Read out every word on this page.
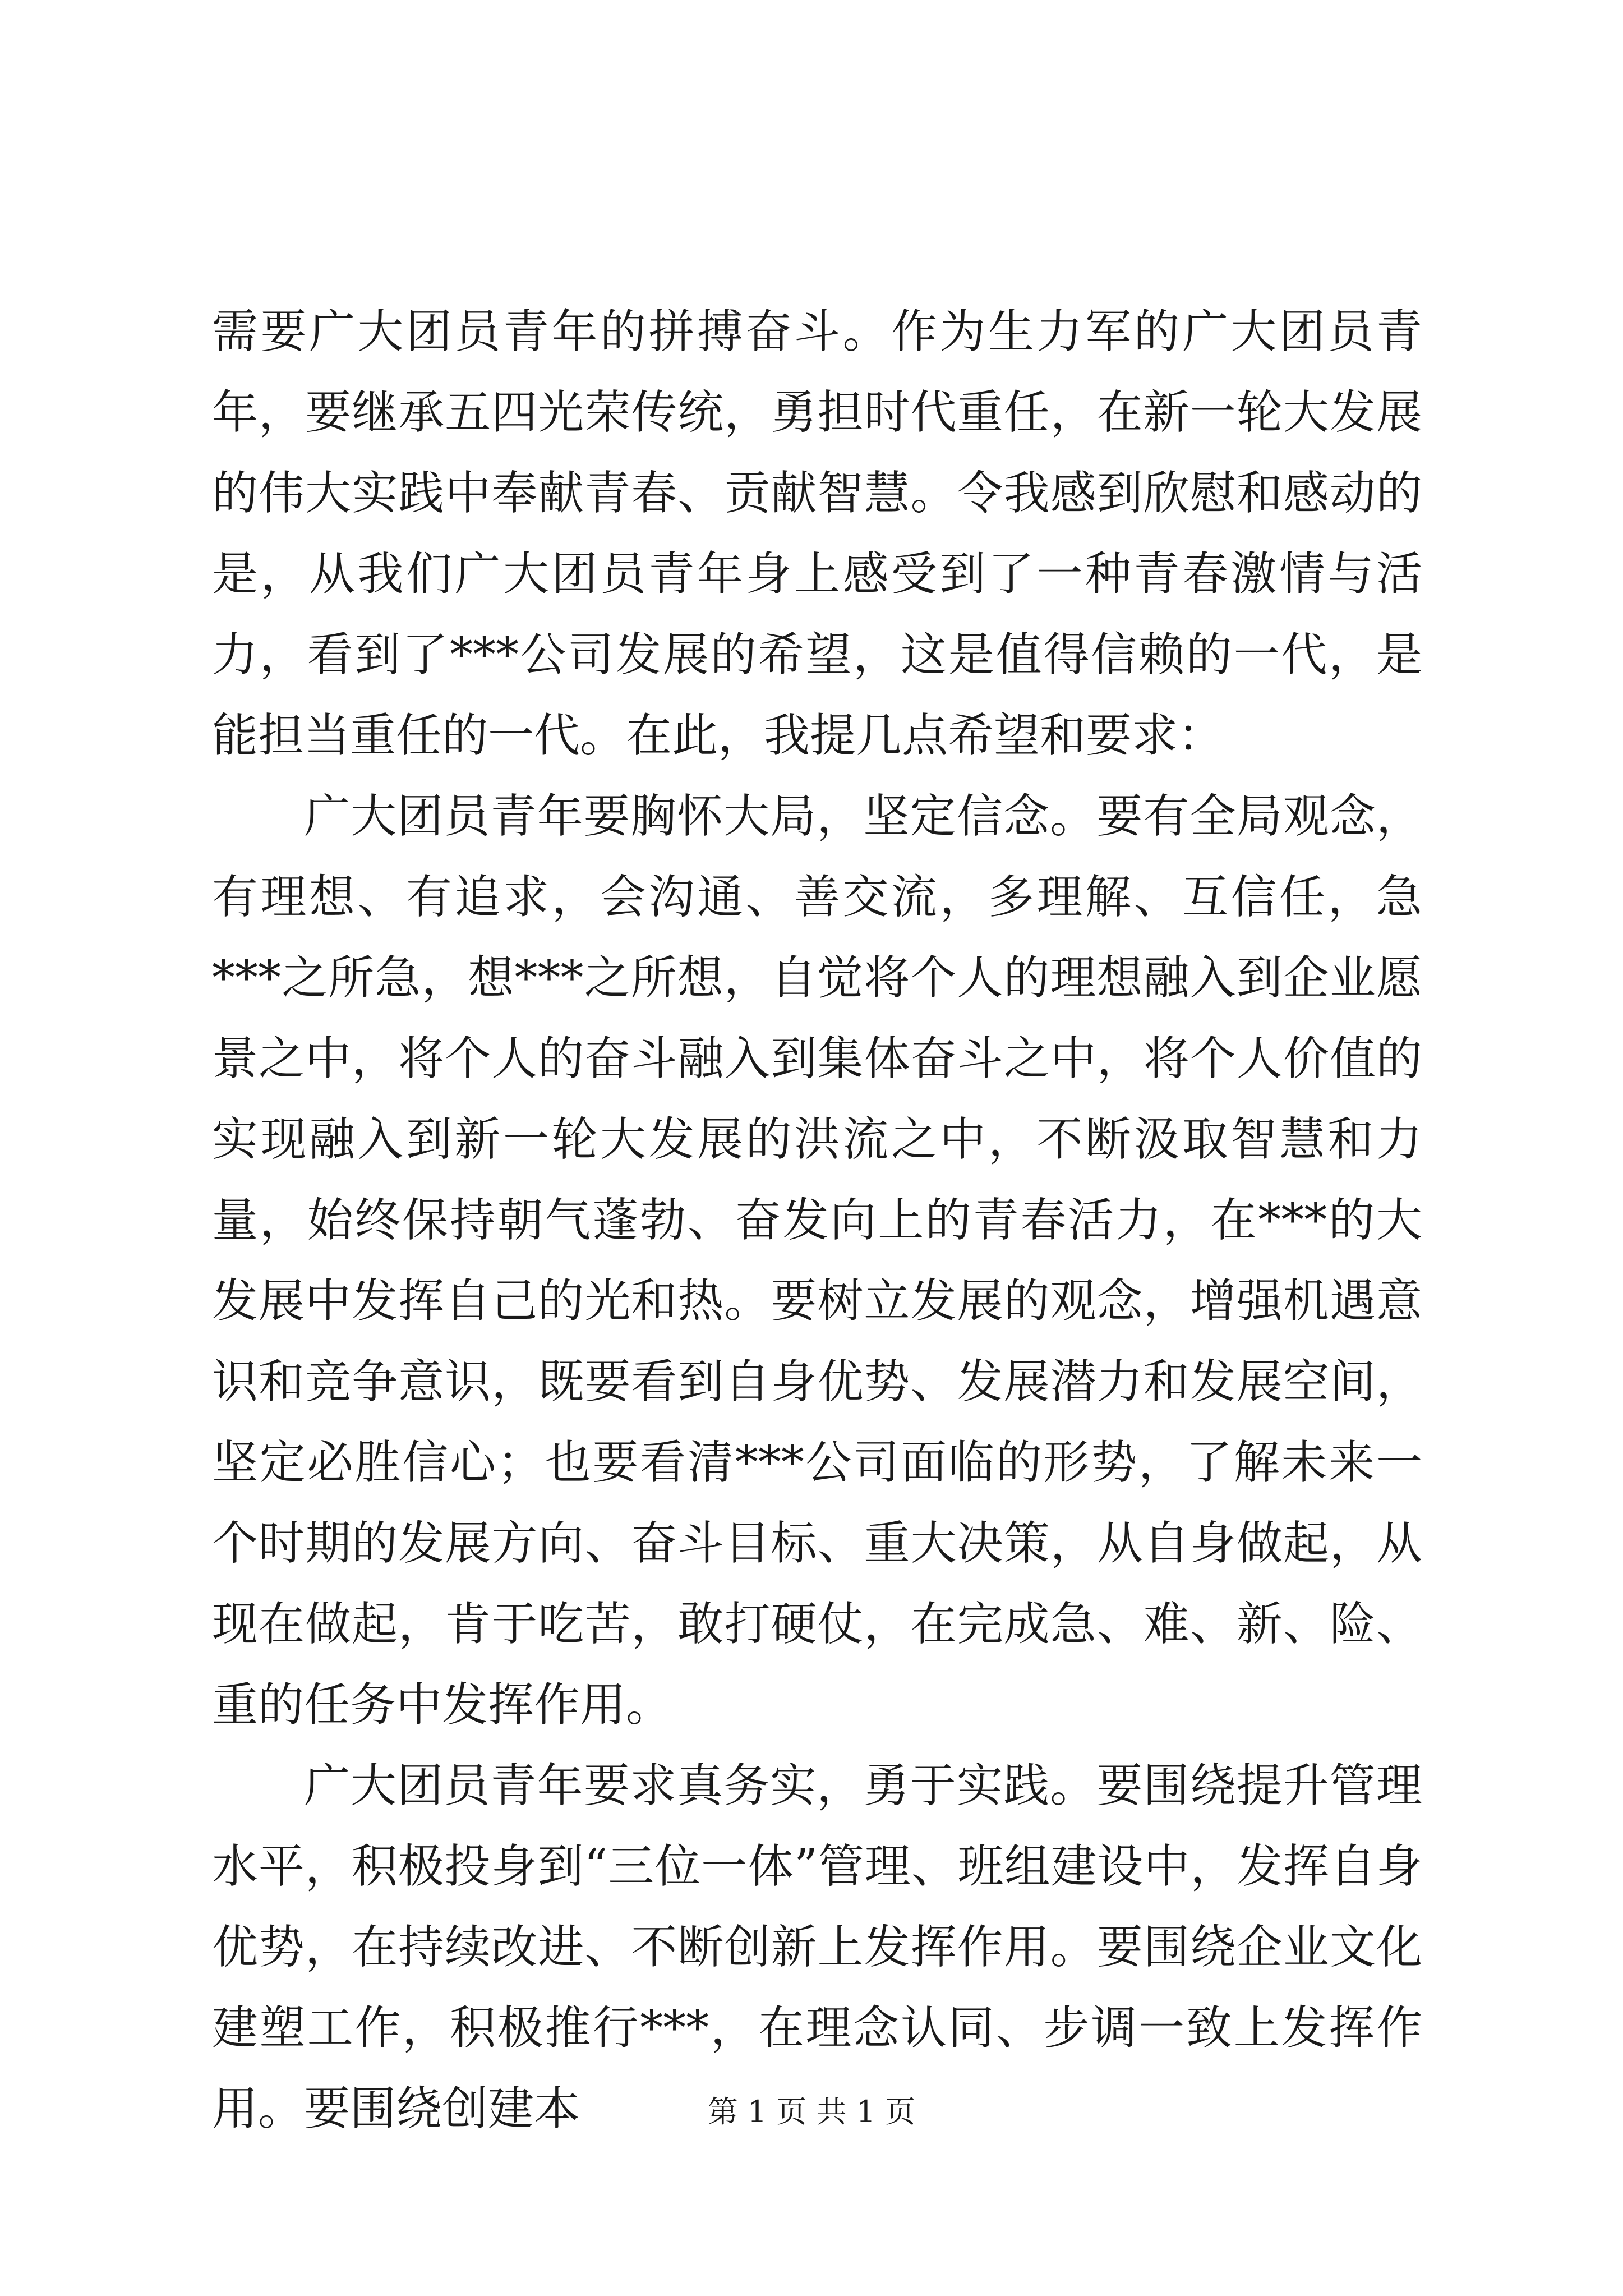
需要广大团员青年的拼搏奋斗。作为生力军的广大团员青年，要继承五四光荣传统，勇担时代重任，在新一轮大发展的伟大实践中奉献青春、贡献智慧。令我感到欣慰和感动的是，从我们广大团员青年身上感受到了一种青春激情与活力，看到了***公司发展的希望，这是值得信赖的一代，是能担当重任的一代。在此，我提几点希望和要求：

广大团员青年要胸怀大局，坚定信念。要有全局观念，有理想、有追求，会沟通、善交流，多理解、互信任，急***之所急，想***之所想，自觉将个人的理想融入到企业愿景之中，将个人的奋斗融入到集体奋斗之中，将个人价值的实现融入到新一轮大发展的洪流之中，不断汲取智慧和力量，始终保持朝气蓬勃、奋发向上的青春活力，在***的大发展中发挥自己的光和热。要树立发展的观念，增强机遇意识和竞争意识，既要看到自身优势、发展潜力和发展空间，坚定必胜信心；也要看清***公司面临的形势，了解未来一个时期的发展方向、奋斗目标、重大决策，从自身做起，从现在做起，肯于吃苦，敢打硬仗，在完成急、难、新、险、重的任务中发挥作用。

广大团员青年要求真务实，勇于实践。要围绕提升管理水平，积极投身到“三位一体”管理、班组建设中，发挥自身优势，在持续改进、不断创新上发挥作用。要围绕企业文化建塑工作，积极推行***，在理念认同、步调一致上发挥作用。要围绕创建本	第 1 页 共 1 页
